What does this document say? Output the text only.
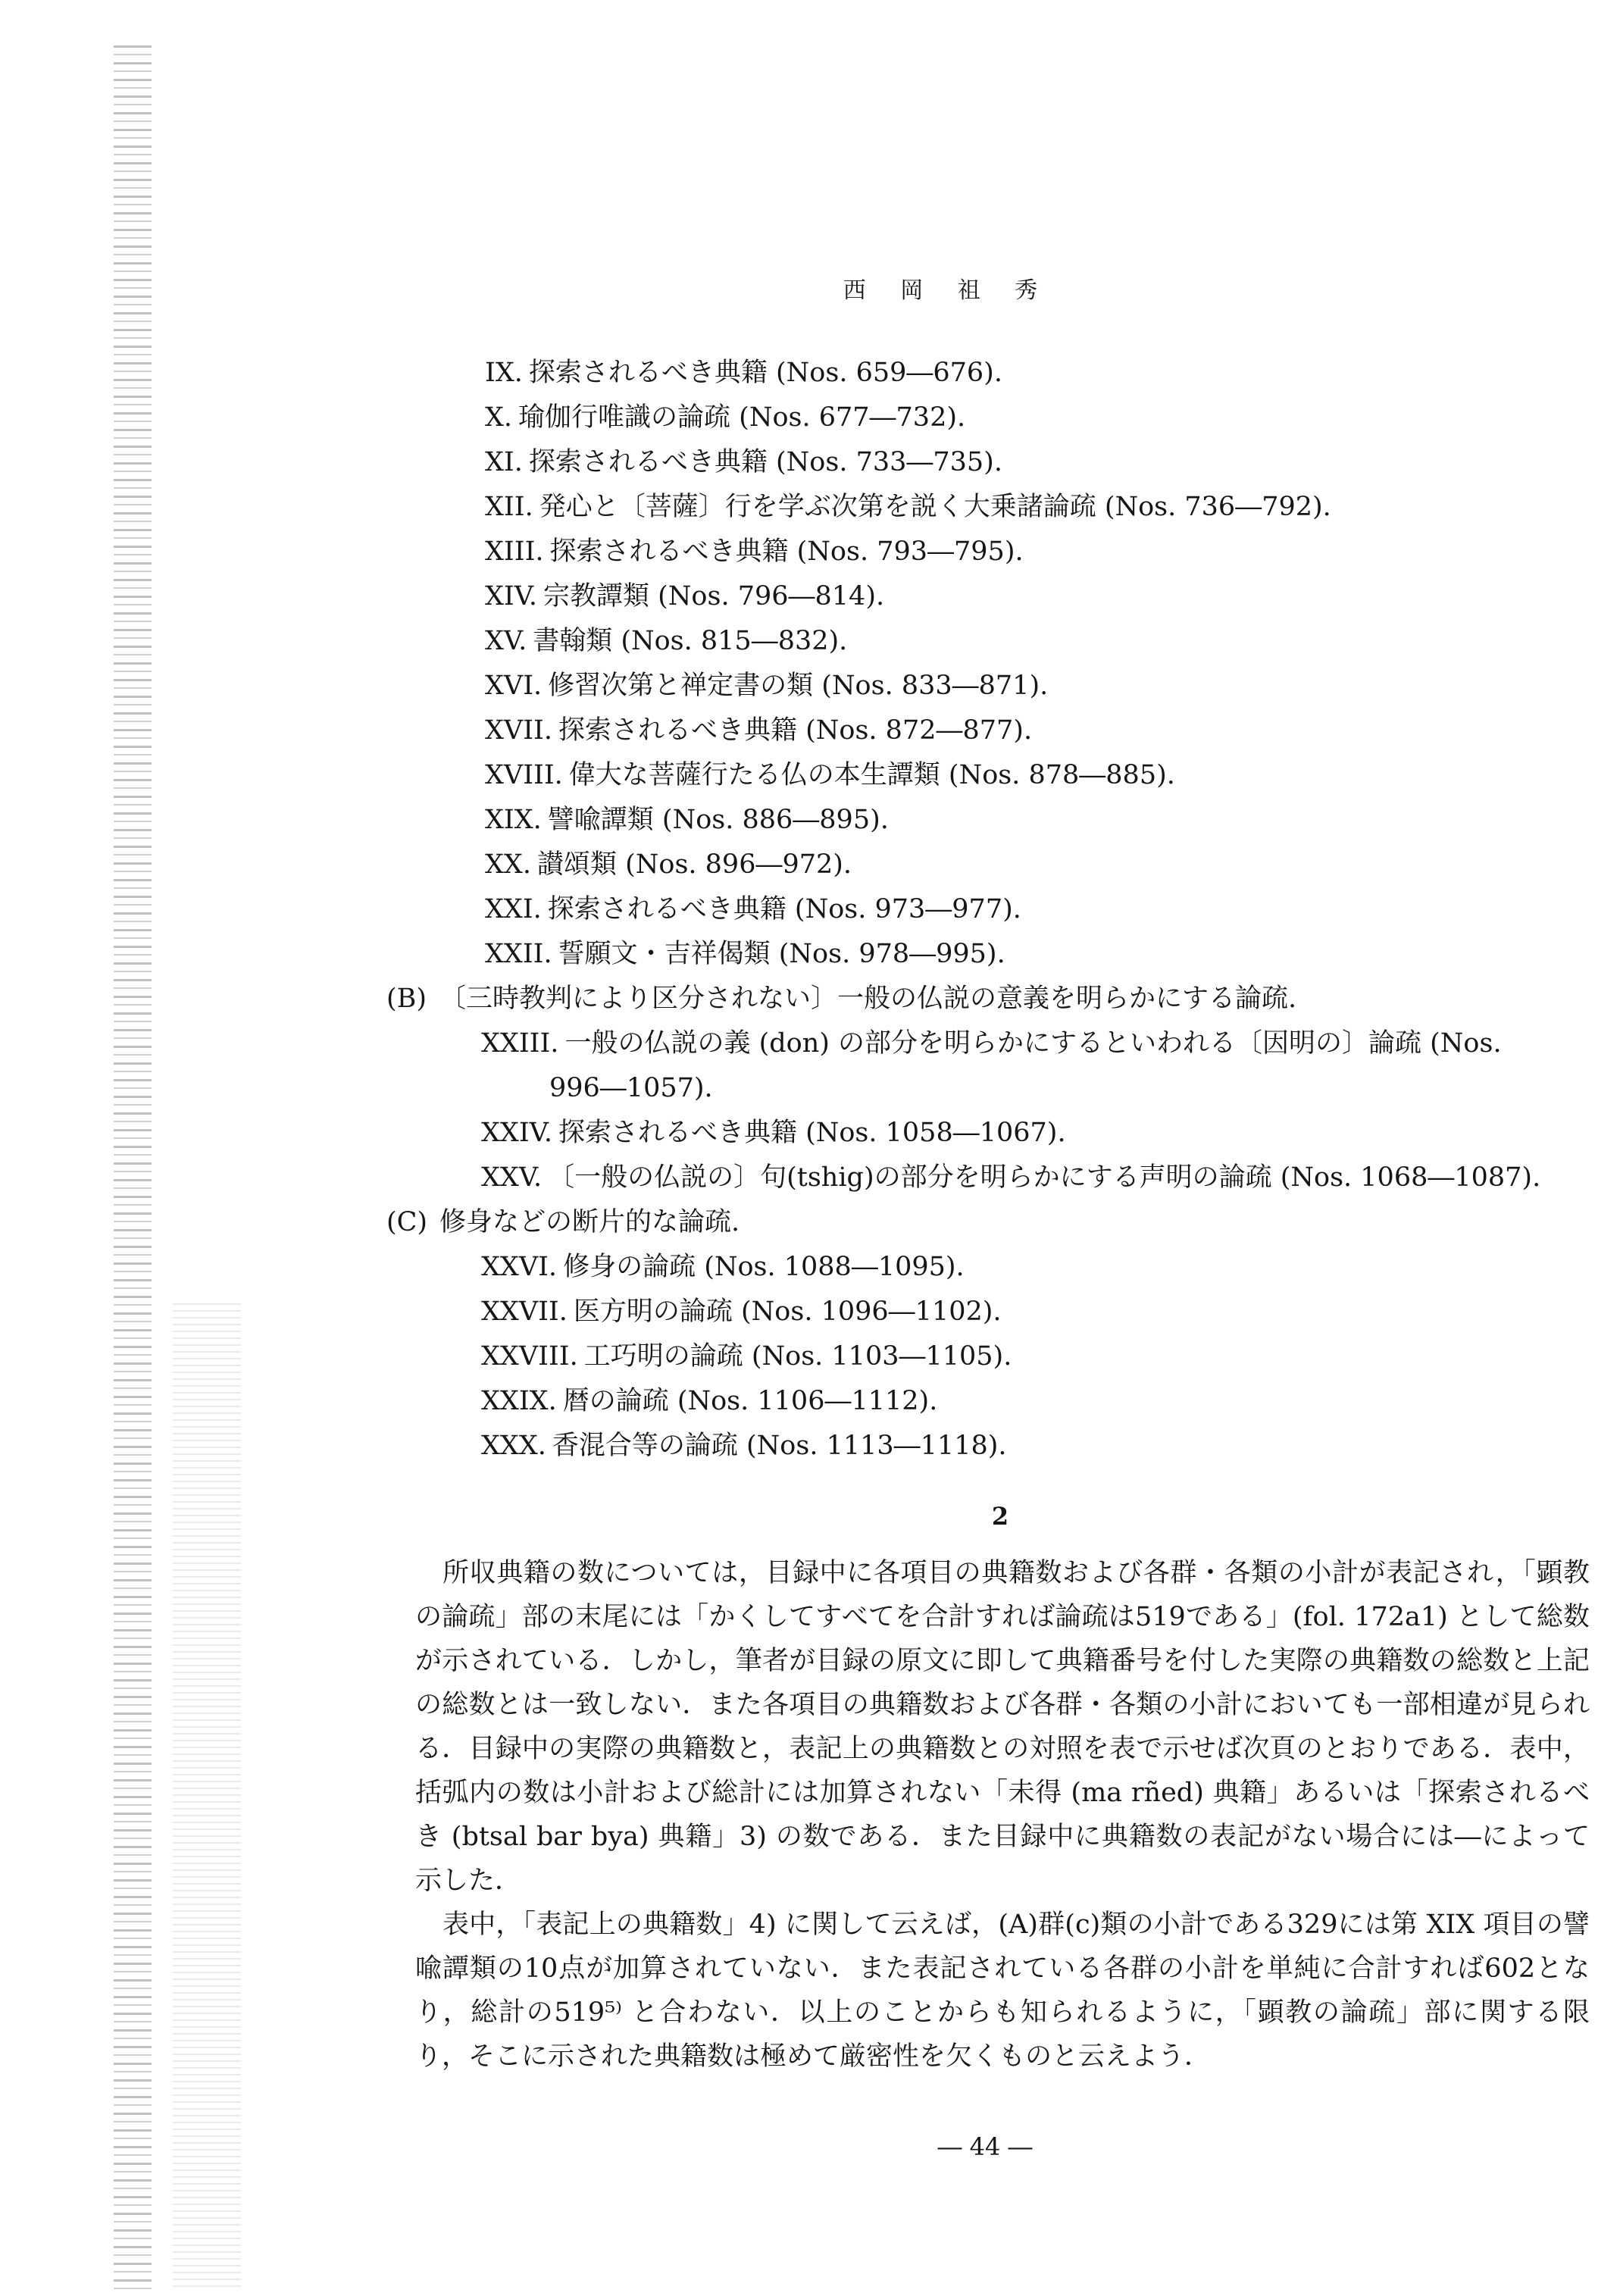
西 岡 祖 秀
IX. 探索されるべき典籍 (Nos. 659―676).
X. 瑜伽行唯識の論疏 (Nos. 677―732).
XI. 探索されるべき典籍 (Nos. 733―735).
XII. 発心と〔菩薩〕行を学ぶ次第を説く大乗諸論疏 (Nos. 736―792).
XIII. 探索されるべき典籍 (Nos. 793―795).
XIV. 宗教譚類 (Nos. 796―814).
XV. 書翰類 (Nos. 815―832).
XVI. 修習次第と禅定書の類 (Nos. 833―871).
XVII. 探索されるべき典籍 (Nos. 872―877).
XVIII. 偉大な菩薩行たる仏の本生譚類 (Nos. 878―885).
XIX. 譬喩譚類 (Nos. 886―895).
XX. 讃頌類 (Nos. 896―972).
XXI. 探索されるべき典籍 (Nos. 973―977).
XXII. 誓願文・吉祥偈類 (Nos. 978―995).
(B) 〔三時教判により区分されない〕一般の仏説の意義を明らかにする論疏.
XXIII. 一般の仏説の義 (don) の部分を明らかにするといわれる〔因明の〕論疏 (Nos.
996―1057).
XXIV. 探索されるべき典籍 (Nos. 1058―1067).
XXV. 〔一般の仏説の〕句(tshig)の部分を明らかにする声明の論疏 (Nos. 1068―1087).
(C) 修身などの断片的な論疏.
XXVI. 修身の論疏 (Nos. 1088―1095).
XXVII. 医方明の論疏 (Nos. 1096―1102).
XXVIII. 工巧明の論疏 (Nos. 1103―1105).
XXIX. 暦の論疏 (Nos. 1106―1112).
XXX. 香混合等の論疏 (Nos. 1113―1118).
2

所収典籍の数については，目録中に各項目の典籍数および各群・各類の小計が表記され，「顕教の論疏」部の末尾には「かくしてすべてを合計すれば論疏は519である」(fol. 172a1) として総数が示されている．しかし，筆者が目録の原文に即して典籍番号を付した実際の典籍数の総数と上記の総数とは一致しない．また各項目の典籍数および各群・各類の小計においても一部相違が見られる．目録中の実際の典籍数と，表記上の典籍数との対照を表で示せば次頁のとおりである．表中，括弧内の数は小計および総計には加算されない「未得 (ma rñed) 典籍」あるいは「探索されるべき (btsal bar bya) 典籍」3) の数である．また目録中に典籍数の表記がない場合には―によって示した．

表中，「表記上の典籍数」4) に関して云えば，(A)群(c)類の小計である329には第 XIX 項目の譬喩譚類の10点が加算されていない．また表記されている各群の小計を単純に合計すれば602となり，総計の519⁵⁾ と合わない．以上のことからも知られるように，「顕教の論疏」部に関する限り，そこに示された典籍数は極めて厳密性を欠くものと云えよう．

― 44 ―
